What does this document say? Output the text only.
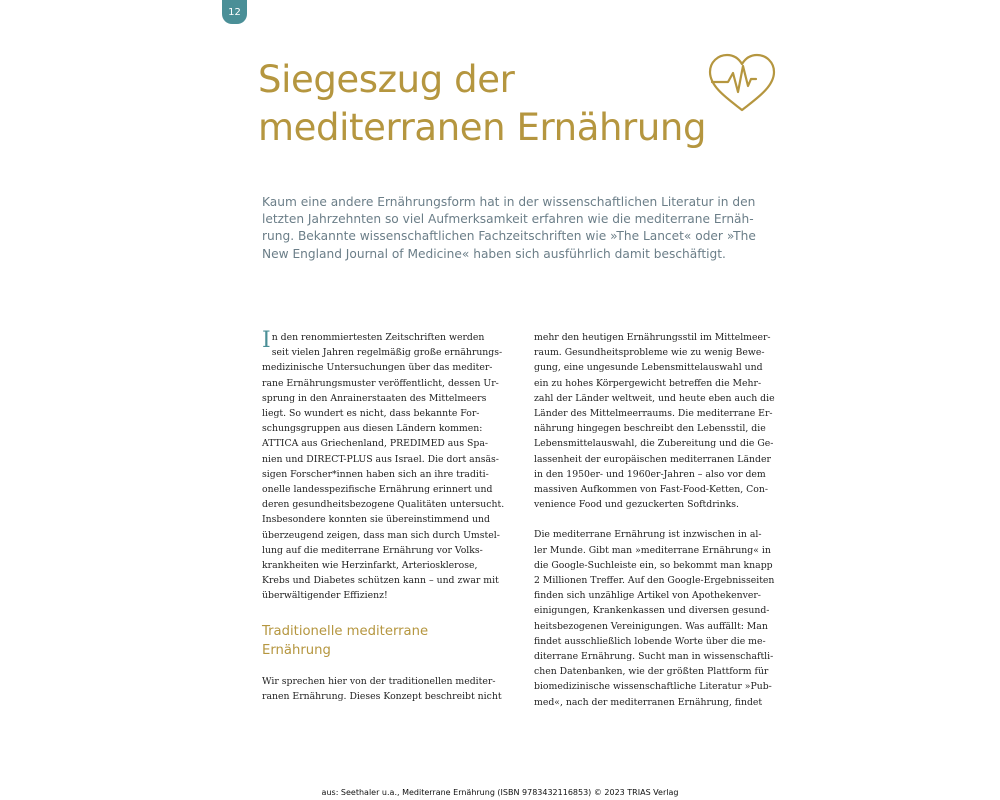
12
Siegeszug der
mediterranen Ernährung
Kaum eine andere Ernährungsform hat in der wissenschaftlichen Literatur in den
letzten Jahrzehnten so viel Aufmerksamkeit erfahren wie die mediterrane Ernäh-
rung. Bekannte wissenschaftlichen Fachzeitschriften wie »The Lancet« oder »The
New England Journal of Medicine« haben sich ausführlich damit beschäftigt.
I n den renommiertesten Zeitschriften werden
seit vielen Jahren regelmäßig große ernährungs-
medizinische Untersuchungen über das mediter-
rane Ernährungsmuster veröffentlicht, dessen Ur-
sprung in den Anrainerstaaten des Mittelmeers
liegt. So wundert es nicht, dass bekannte For-
schungsgruppen aus diesen Ländern kommen:
ATTICA aus Griechenland, PREDIMED aus Spa-
nien und DIRECT-PLUS aus Israel. Die dort ansäs-
sigen Forscher*innen haben sich an ihre traditi-
onelle landesspezifische Ernährung erinnert und
deren gesundheitsbezogene Qualitäten untersucht.
Insbesondere konnten sie übereinstimmend und
überzeugend zeigen, dass man sich durch Umstel-
lung auf die mediterrane Ernährung vor Volks-
krankheiten wie Herzinfarkt, Arteriosklerose,
Krebs und Diabetes schützen kann – und zwar mit
überwältigender Effizienz!
Traditionelle mediterrane
Ernährung
Wir sprechen hier von der traditionellen mediter-
ranen Ernährung. Dieses Konzept beschreibt nicht
mehr den heutigen Ernährungsstil im Mittelmeer-
raum. Gesundheitsprobleme wie zu wenig Bewe-
gung, eine ungesunde Lebensmittelauswahl und
ein zu hohes Körpergewicht betreffen die Mehr-
zahl der Länder weltweit, und heute eben auch die
Länder des Mittelmeerraums. Die mediterrane Er-
nährung hingegen beschreibt den Lebensstil, die
Lebensmittelauswahl, die Zubereitung und die Ge-
lassenheit der europäischen mediterranen Länder
in den 1950er- und 1960er-Jahren – also vor dem
massiven Aufkommen von Fast-Food-Ketten, Con-
venience Food und gezuckerten Softdrinks.
Die mediterrane Ernährung ist inzwischen in al-
ler Munde. Gibt man »mediterrane Ernährung« in
die Google-Suchleiste ein, so bekommt man knapp
2 Millionen Treffer. Auf den Google-Ergebnisseiten
finden sich unzählige Artikel von Apothekenver-
einigungen, Krankenkassen und diversen gesund-
heitsbezogenen Vereinigungen. Was auffällt: Man
findet ausschließlich lobende Worte über die me-
diterrane Ernährung. Sucht man in wissenschaftli-
chen Datenbanken, wie der größten Plattform für
biomedizinische wissenschaftliche Literatur »Pub-
med«, nach der mediterranen Ernährung, findet
aus: Seethaler u.a., Mediterrane Ernährung (ISBN 9783432116853) © 2023 TRIAS Verlag
